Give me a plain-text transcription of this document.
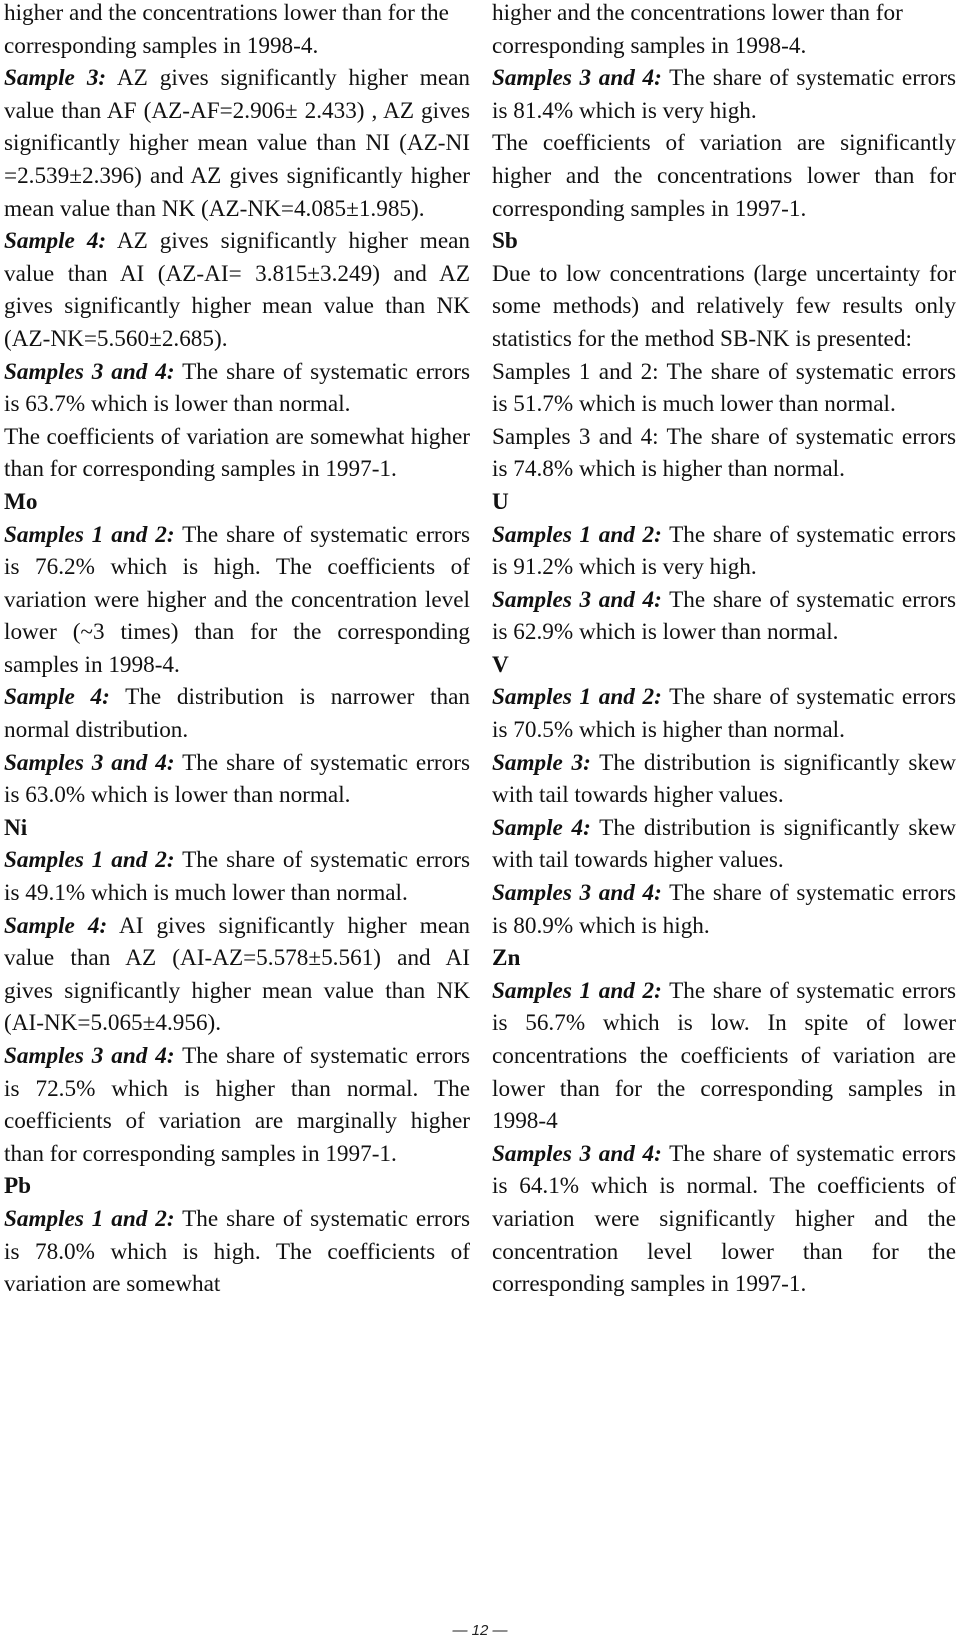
higher and the concentrations lower than for the corresponding samples in 1998-4.

Sample 3: AZ gives significantly higher mean value than AF (AZ-AF=2.906± 2.433) , AZ gives significantly higher mean value than NI (AZ-NI =2.539±2.396) and AZ gives significantly higher mean value than NK (AZ-NK=4.085±1.985).

Sample 4: AZ gives significantly higher mean value than AI (AZ-AI= 3.815±3.249) and AZ gives significantly higher mean value than NK (AZ-NK=5.560±2.685).

Samples 3 and 4: The share of systematic errors is 63.7% which is lower than normal.

The coefficients of variation are somewhat higher than for corresponding samples in 1997-1.

Mo

Samples 1 and 2: The share of systematic errors is 76.2% which is high. The coefficients of variation were higher and the concentration level lower (~3 times) than for the corresponding samples in 1998-4.

Sample 4: The distribution is narrower than normal distribution.

Samples 3 and 4: The share of systematic errors is 63.0% which is lower than normal.

Ni

Samples 1 and 2: The share of systematic errors is 49.1% which is much lower than normal.

Sample 4: AI gives significantly higher mean value than AZ (AI-AZ=5.578±5.561) and AI gives significantly higher mean value than NK (AI-NK=5.065±4.956).

Samples 3 and 4: The share of systematic errors is 72.5% which is higher than normal. The coefficients of variation are marginally higher than for corresponding samples in 1997-1.

Pb

Samples 1 and 2: The share of systematic errors is 78.0% which is high. The coefficients of variation are somewhat

higher and the concentrations lower than for corresponding samples in 1998-4.

Samples 3 and 4: The share of systematic errors is 81.4% which is very high.

The coefficients of variation are significantly higher and the concentrations lower than for corresponding samples in 1997-1.

Sb

Due to low concentrations (large uncertainty for some methods) and relatively few results only statistics for the method SB-NK is presented:

Samples 1 and 2: The share of systematic errors is 51.7% which is much lower than normal.

Samples 3 and 4: The share of systematic errors is 74.8% which is higher than normal.

U

Samples 1 and 2: The share of systematic errors is 91.2% which is very high.

Samples 3 and 4: The share of systematic errors is 62.9% which is lower than normal.

V

Samples 1 and 2: The share of systematic errors is 70.5% which is higher than normal.

Sample 3: The distribution is significantly skew with tail towards higher values.

Sample 4: The distribution is significantly skew with tail towards higher values.

Samples 3 and 4: The share of systematic errors is 80.9% which is high.

Zn

Samples 1 and 2: The share of systematic errors is 56.7% which is low. In spite of lower concentrations the coefficients of variation are lower than for the corresponding samples in 1998-4

Samples 3 and 4: The share of systematic errors is 64.1% which is normal. The coefficients of variation were significantly higher and the concentration level lower than for the corresponding samples in 1997-1.

— 12 —
